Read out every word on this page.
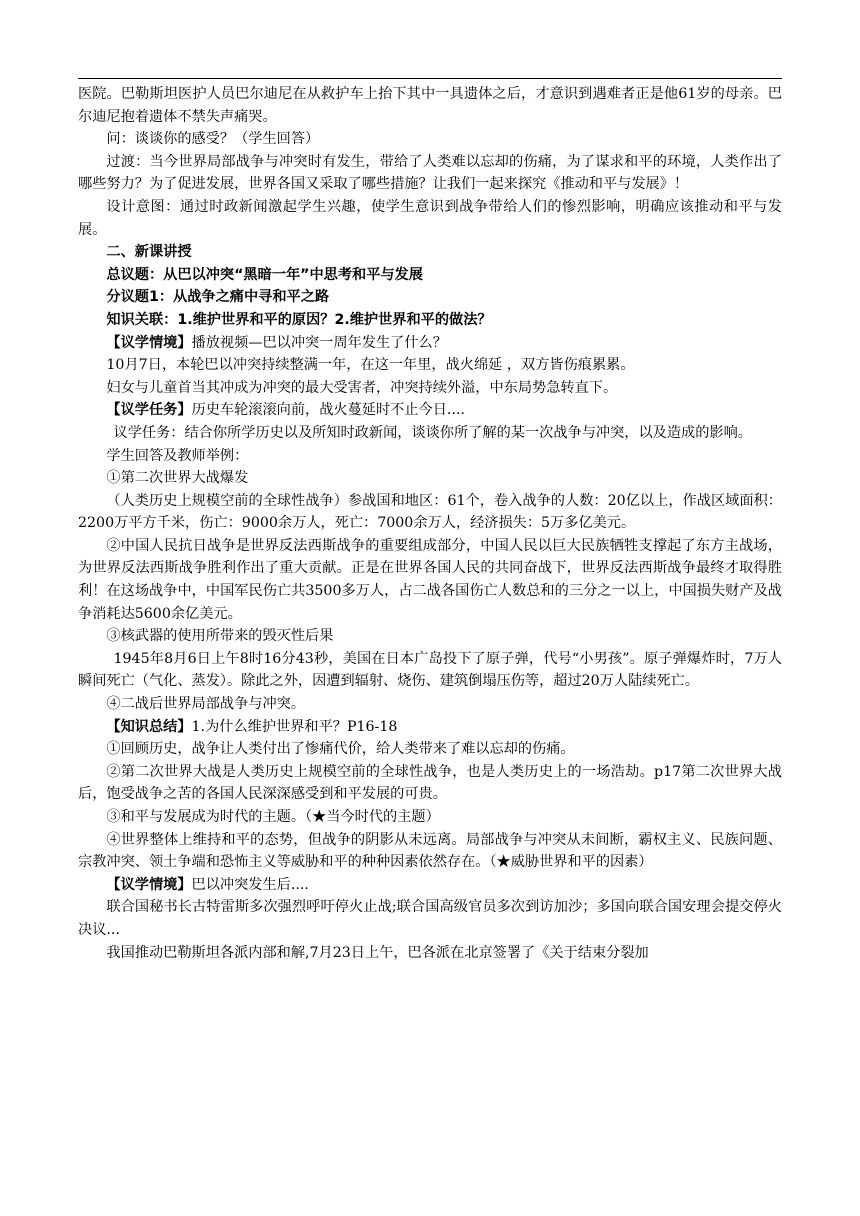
医院。巴勒斯坦医护人员巴尔迪尼在从救护车上抬下其中一具遗体之后，才意识到遇难者正是他61岁的母亲。巴尔迪尼抱着遗体不禁失声痛哭。

问：谈谈你的感受？（学生回答）

过渡：当今世界局部战争与冲突时有发生，带给了人类难以忘却的伤痛，为了谋求和平的环境，人类作出了哪些努力？为了促进发展，世界各国又采取了哪些措施？让我们一起来探究《推动和平与发展》！

设计意图：通过时政新闻激起学生兴趣，使学生意识到战争带给人们的惨烈影响，明确应该推动和平与发展。

二、新课讲授

总议题：从巴以冲突“黑暗一年”中思考和平与发展

分议题1：从战争之痛中寻和平之路

知识关联：1.维护世界和平的原因？2.维护世界和平的做法？

【议学情境】播放视频—巴以冲突一周年发生了什么？

10月7日，本轮巴以冲突持续整满一年，在这一年里，战火绵延 ，双方皆伤痕累累。

妇女与儿童首当其冲成为冲突的最大受害者，冲突持续外溢，中东局势急转直下。

【议学任务】历史车轮滚滚向前，战火蔓延时不止今日....

议学任务：结合你所学历史以及所知时政新闻，谈谈你所了解的某一次战争与冲突，以及造成的影响。

学生回答及教师举例：

①第二次世界大战爆发

（人类历史上规模空前的全球性战争）参战国和地区：61个，卷入战争的人数：20亿以上，作战区域面积：2200万平方千米，伤亡：9000余万人，死亡：7000余万人，经济损失：5万多亿美元。

②中国人民抗日战争是世界反法西斯战争的重要组成部分，中国人民以巨大民族牺牲支撑起了东方主战场，为世界反法西斯战争胜利作出了重大贡献。正是在世界各国人民的共同奋战下，世界反法西斯战争最终才取得胜利！在这场战争中，中国军民伤亡共3500多万人，占二战各国伤亡人数总和的三分之一以上，中国损失财产及战争消耗达5600余亿美元。

③核武器的使用所带来的毁灭性后果

1945年8月6日上午8时16分43秒，美国在日本广岛投下了原子弹，代号“小男孩”。原子弹爆炸时，7万人瞬间死亡（气化、蒸发）。除此之外，因遭到辐射、烧伤、建筑倒塌压伤等，超过20万人陆续死亡。

④二战后世界局部战争与冲突。

【知识总结】1.为什么维护世界和平？P16-18

①回顾历史，战争让人类付出了惨痛代价，给人类带来了难以忘却的伤痛。

②第二次世界大战是人类历史上规模空前的全球性战争，也是人类历史上的一场浩劫。p17第二次世界大战后，饱受战争之苦的各国人民深深感受到和平发展的可贵。

③和平与发展成为时代的主题。（★当今时代的主题）

④世界整体上维持和平的态势，但战争的阴影从未远离。局部战争与冲突从未间断，霸权主义、民族问题、宗教冲突、领土争端和恐怖主义等威胁和平的种种因素依然存在。（★威胁世界和平的因素）

【议学情境】巴以冲突发生后....

联合国秘书长古特雷斯多次强烈呼吁停火止战;联合国高级官员多次到访加沙；多国向联合国安理会提交停火决议...

我国推动巴勒斯坦各派内部和解,7月23日上午，巴各派在北京签署了《关于结束分裂加
